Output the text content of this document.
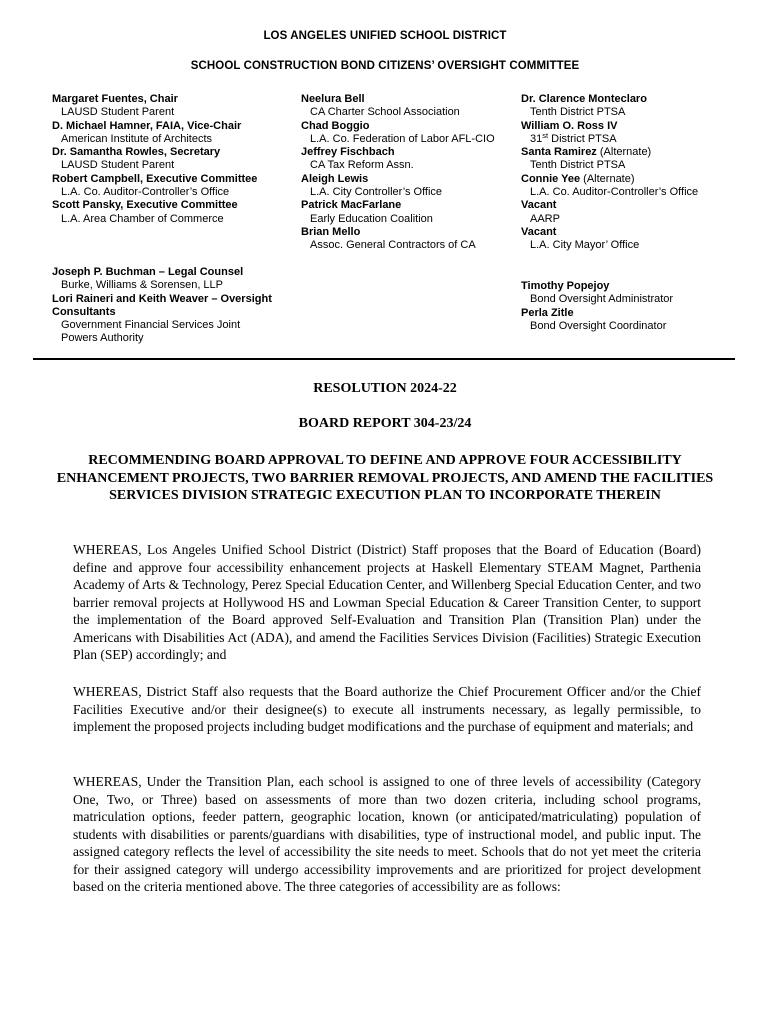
LOS ANGELES UNIFIED SCHOOL DISTRICT
SCHOOL CONSTRUCTION BOND CITIZENS’ OVERSIGHT COMMITTEE
Margaret Fuentes, Chair
LAUSD Student Parent
D. Michael Hamner, FAIA, Vice-Chair
American Institute of Architects
Dr. Samantha Rowles, Secretary
LAUSD Student Parent
Robert Campbell, Executive Committee
L.A. Co. Auditor-Controller’s Office
Scott Pansky, Executive Committee
L.A. Area Chamber of Commerce
Neelura Bell
CA Charter School Association
Chad Boggio
L.A. Co. Federation of Labor AFL-CIO
Jeffrey Fischbach
CA Tax Reform Assn.
Aleigh Lewis
L.A. City Controller’s Office
Patrick MacFarlane
Early Education Coalition
Brian Mello
Assoc. General Contractors of CA
Dr. Clarence Monteclaro
Tenth District PTSA
William O. Ross IV
31st District PTSA
Santa Ramirez (Alternate)
Tenth District PTSA
Connie Yee (Alternate)
L.A. Co. Auditor-Controller’s Office
Vacant
AARP
Vacant
L.A. City Mayor’ Office
Joseph P. Buchman – Legal Counsel
Burke, Williams & Sorensen, LLP
Lori Raineri and Keith Weaver – Oversight Consultants
Government Financial Services Joint Powers Authority
Timothy Popejoy
Bond Oversight Administrator
Perla Zitle
Bond Oversight Coordinator
RESOLUTION 2024-22
BOARD REPORT 304-23/24
RECOMMENDING BOARD APPROVAL TO DEFINE AND APPROVE FOUR ACCESSIBILITY ENHANCEMENT PROJECTS, TWO BARRIER REMOVAL PROJECTS, AND AMEND THE FACILITIES SERVICES DIVISION STRATEGIC EXECUTION PLAN TO INCORPORATE THEREIN
WHEREAS, Los Angeles Unified School District (District) Staff proposes that the Board of Education (Board) define and approve four accessibility enhancement projects at Haskell Elementary STEAM Magnet, Parthenia Academy of Arts & Technology, Perez Special Education Center, and Willenberg Special Education Center, and two barrier removal projects at Hollywood HS and Lowman Special Education & Career Transition Center, to support the implementation of the Board approved Self-Evaluation and Transition Plan (Transition Plan) under the Americans with Disabilities Act (ADA), and amend the Facilities Services Division (Facilities) Strategic Execution Plan (SEP) accordingly; and
WHEREAS, District Staff also requests that the Board authorize the Chief Procurement Officer and/or the Chief Facilities Executive and/or their designee(s) to execute all instruments necessary, as legally permissible, to implement the proposed projects including budget modifications and the purchase of equipment and materials; and
WHEREAS, Under the Transition Plan, each school is assigned to one of three levels of accessibility (Category One, Two, or Three) based on assessments of more than two dozen criteria, including school programs, matriculation options, feeder pattern, geographic location, known (or anticipated/matriculating) population of students with disabilities or parents/guardians with disabilities, type of instructional model, and public input. The assigned category reflects the level of accessibility the site needs to meet. Schools that do not yet meet the criteria for their assigned category will undergo accessibility improvements and are prioritized for project development based on the criteria mentioned above. The three categories of accessibility are as follows:
